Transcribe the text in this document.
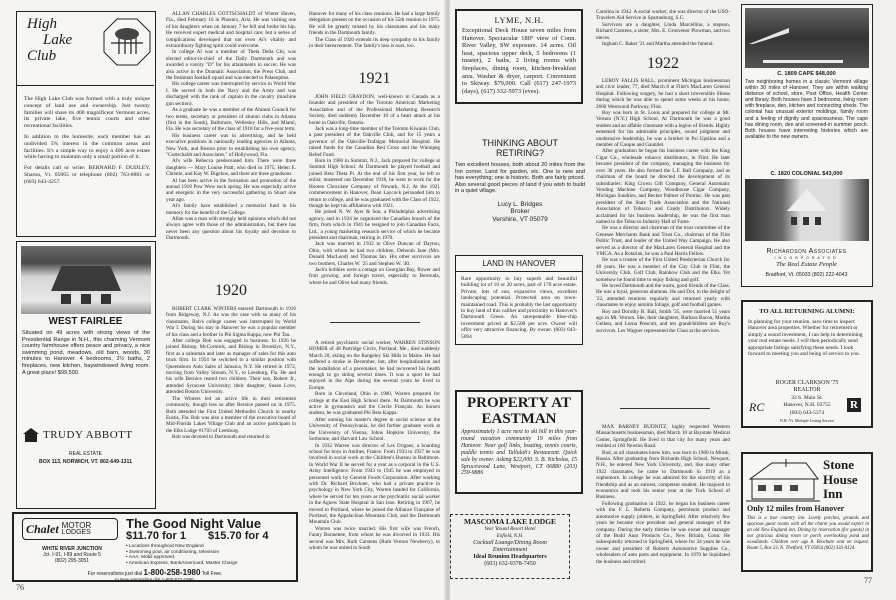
High
Lake
Club

The High Lake Club was formed with a truly unique concept of land use and ownership. Just twenty families will share its 400 magnificent Vermont acres, its private lake, five tennis courts and other recreational facilities.

In addition to the homesite, each member has an undivided 5% interest in the common areas and facilities. It's a simple way to enjoy a 400 acre estate while having to maintain only a small portion of it.

For details call or write: BERNARD F. DUDLEY, Sharon, Vt. 05065 or telephone (802) 763-8801 or (603) 643-4257.

WEST FAIRLEE
Situated on 49 acres with strong views of the Presidential Range in N.H., this charming Vermont country farmhouse offers peace and privacy, a nice swimming pond, meadows, old barn, woods, 30 minutes to Hanover. 4 bedrooms, 2½ baths, 2 fireplaces, new kitchen, baywindowed living room. A great place! $99,500.
TRUDY ABBOTT
REAL ESTATE
BOX 113, NORWICH, VT. 802-649-1311
Chalet MOTOR
LODGES
The Good Night Value
$11.70 for 1 $15.70 for 4
WHITE RIVER JUNCTION
Jct. I-91, I-89 and Route 5
(802) 295-3051
• Locations throughout New England
• Swimming pool, air conditioning, television
• AAA, Mobil approved.
• American Express, BankAmericard, Master Charge
For reservations just dial 1-800-258-1980 Toll Free.
In New Hampshire dial 1-800-572-1880.

ALLAN CHARLES GOTTSCHALDT of Winter Haven, Fla., died February 16 in Phoenix, Ariz. He was visiting one of his daughters when on January 7 he fell and broke his hip. He received expert medical and hospital care; but a series of complications developed that not even Al's vitality and extraordinary fighting spirit could overcome.

In college Al was a member of Theta Delta Chi, was elected editor-in-chief of the Daily Dartmouth and was awarded a varsity "D" for his attainments in soccer. He was also active in the Dramatic Association, the Press Club, and the freshman football squad and was elected to Palaeopitus.

His college career was interrupted by service in World War I. He served in both the Navy and the Army and was discharged with the rank of captain in the cavalry (machine gun section).

As a graduate he was a member of the Alumni Council for two terms, secretary or president of alumni clubs in Atlanta (first in the South), Baltimore, Wellesley Hills, and Miami, Fla. He was secretary of the class of 1918 for a five-year term.

His business career was in advertising, and he held executive positions in nationally leading agencies in Atlanta, New York, and Boston prior to establishing his own agency, "Gottschaldt and Associates," of Hollywood, Fla.

Al's wife Rebecca predeceased him. There were three daughters — Mary Louise Pratt, who died in 1975, Helen E. Christie, and Kay W. Bigelow, and there are three grandsons.

Al has been active in the formation and promotion of the annual 1918 Pow Wow each spring. He was especially active and energetic in the very successful gathering in Stuart one year ago.

Al's family have established a memorial fund in his memory for the benefit of the College.

Allan was a man with strongly held opinions which did not always agree with those of the administration, but there has never been any question about his loyalty and devotion to Dartmouth.

1920

ROBERT CLARK WINTERS entered Dartmouth in 1916 from Ridgeway, N.J. As was the case with so many of his classmates, Bob's college career was interrupted by World War I. During his stay in Hanover he was a popular member of his class and a brother in Phi Sigma Kappa, now Phi Tau.

After college Bob was engaged in business. In 1926 he joined Bishop, McCormick, and Bishop in Brooklyn, N.Y., first as a salesman and later as manager of sales for this auto truck firm. In 1954 he switched to a similar position with Queensboro Auto Sales of Jamaica, N.Y. He retired in 1972, moving from Valley Stream, N.Y., to Leesburg, Fla. He and his wife Bernice reared two children. Their son, Robert Jr., attended Syracuse University; their daughter, Susan Love, attended Boston University.

The Winters led an active life in their retirement community, though less so after Bernice passed on in 1975. Both attended the First United Methodist Church in nearby Eustis, Fla. Bob was also a member of the executive board of Mid-Florida Lakes Village Club and an active participant in the Elks Lodge #1703 of Leesburg.

Bob was devoted to Dartmouth and returned to

Hanover for many of his class reunions. He had a large family delegation present on the occasion of his 55th reunion in 1975. He will be greatly missed by his classmates and his many friends in the Dartmouth family.

The Class of 1920 extends its deep sympathy to his family in their bereavement. The family's loss is ours, too.

1921

JOHN FIELD GRAYDON, well-known in Canada as a founder and president of the Toronto American Marketing Association and of the Professional Marketing Research Society, died suddenly December 10 of a heart attack at his home in Oakville, Ontario.

Jack was a long-time member of the Toronto Kiwanis Club, a past president of the Oakville Club, and for 15 years a governor of the Oakville-Trafalgar Memorial Hospital. He raised funds for the Canadian Red Cross and the Winnipeg Relief Fund.

Born in 1900 in Summit, N.J., Jack prepared for college at Summit High School. At Dartmouth he played football and joined Beta Theta Pi. At the end of his first year, he left to enlist; mustered out December 1918, he went to work for the Hooten Chocolate Company of Newark, N.J. At the 1921 commencement in Hanover, Dean Laycock persuaded him to return to college, and he was graduated with the Class of 1922, though he kept his affiliations with 1921.

He joined N. W. Ayer & Son, a Philadelphia advertising agency, and in 1934 he organized the Canadian branch of the firm, from which in 1941 he resigned to join Canadian Facts, Ltd., a young marketing research service of which he became president and chairman, retiring in 1970.

Jack was married in 1932 to Olive Duncan of Dayton, Ohio, with whom he had two children, Deborah Jane (Mrs. Donald MacLeod) and Thomas Ian. His other survivors are two brothers, Charles W. '25 and Stephen W. '40.

Jack's hobbies were a cottage on Georgian Bay, flower and fruit growing, and foreign travel, especially to Bermuda, where he and Olive had many friends.

A retired psychiatric social worker, WARREN STINSON HOMER of 48 Partridge Circle, Portland, Me., died suddenly March 20, skiing on the Rangeley Ski Hills in Maine. He had suffered a stroke in December, but, after hospitalization and the installation of a pacemaker, he had recovered his health enough to go skiing several times. It was a sport he had enjoyed in the Alps during the several years he lived in Europe.

Born in Cleveland, Ohio in 1900, Warren prepared for college at the East High School there. At Dartmouth he was active in gymnastics and the Cercle Français. An honors student, he was graduated Phi Beta Kappa.

After earning his master's degree in social science at the University of Pennsylvania, he did further graduate work at the University of Vienna, Johns Hopkins University, the Sorbonne, and Harvard Law School.

In 1932 Warren was director of Les Origans, a boarding school for boys in Antibes, France. From 1933 to 1937 he was involved in social work at the Children's Bureau in Baltimore. In World War II he served for a year as a corporal in the U.S. Army Intelligence. From 1943 to 1945 he was employed in personnel work by General Foods Corporation. After working with Dr. Richard Brickner, who had a private practice in psychology in New York City, Warren headed for California, where he served for ten years as the psychiatric social worker in the Agnew State Hospital in San Jose. Retiring in 1967, he moved to Portland, where he joined the Alliance Française of Portland, the Appalachian Mountain Club, and the Dartmouth Mountain Club.

Warren was twice married. His first wife was French, Fanny Bonnetete, from whom he was divorced in 1933. His second was Mrs. Ruth Carstens (Ruth Vernon Newberry), to whom he was united in South

76
LYME, N.H.
Exceptional Deck House seven miles from Hanover. Spectacular 180° view of Conn. River Valley, SW exposure. 14 acres. Oil heat, spacious upper deck, 5 bedrooms (1 master), 2 baths, 2 living rooms with fireplaces, dining room, kitchen-breakfast area. Washer & dryer, carport. Convenient to Skiway. $79,000. Call (617) 247-1973 (days), (617) 332-5973 (eves).
THINKING ABOUT RETIRING?
Two excellent houses, both about 20 miles from the Inn corner. Land for garden, etc. One is new and has everything; one is historic. Both are fairly priced. Also several good pieces of land if you wish to build in a quiet village.
Lucy L. Bridges
Broker
Vershire, VT 05079
LAND IN HANOVER
Rare opportunity to buy superb and beautiful building lot of 10 or 20 acres, part of 170 acre estate. Private, lots of sun, expansive views, excellent landscaping potential. Protected area on town-maintained road. This is probably the last opportunity to buy land of this caliber and proximity to Hanover's Dartmouth Green. An unrepeatable blue-chip investment priced at $2,500 per acre. Owner will offer very attractive financing. By owner. (603) 643-5694
PROPERTY AT
EASTMAN
Approximately 1 acre next to ski hill in this year-round vacation community 19 miles from Hanover. Near golf links, boating, tennis courts, paddle tennis and Tallulah's Restaurant. Quick sale by owner. Asking $22,000. S. B. Nicholas, 15 Sprucewood Lane, Westport, CT 06880 (203) 259-9886
MASCOMA LAKE LODGE
Year 'Round Resort Hotel
Enfield, N.H.
Cocktail Lounge/Dining Room
Entertainment
Ideal Reunion Headquarters
(603) 632-9378-7450

Carolina in 1942. A social worker, she was director of the USO-Travelers Aid Service in Spartanburg, S.C.

Survivors are a daughter, Linda Marcellino, a stepson, Richard Carstens, a sister, Mrs. E. Grosvenor Plowman, and two nieces.

Ingham C. Baker '21 and Martha attended the funeral.

1922

LEROY FALLIS BALL, prominent Michigan businessman and civic leader, 77, died March 8 at Flint's MacLaren General Hospital. Following surgery, he had a short irreversible illness during which he was able to spend some weeks at his home, 2660 Westwood Parkway, Flint.

Roy was born in St. Louis and prepared for college at Mt. Vernon (N.Y.) High School. At Dartmouth he was a good student and an affable classmate with a legion of friends. Highly esteemed for his admirable principles, sound judgment and unobtrusive leadership, he was a brother in Psi Upsilon and a member of Casque and Gauntlet.

After graduation he began his business career with the King Cigar Co., wholesale tobacco distributors, in Flint. He later became president of the company, managing the business for over 30 years. He also formed the L.F. Ball Company, and as chairman of the board he directed the development of its subsidiaries: King Crown Gift Company, General Automatic Vending Machine Company, Woodhouse Cigar Company, Michigan Sundries, and Becker Palmer of Pontiac. He was past president of the State Trade Association and the National Association of Tobacco and Candy Distributors. Widely acclaimed for his business leadership, he was the first man named to the Tobacco Industry Hall of Fame.

He was a director and chairman of the trust committee of the Genesee Merchants Bank and Trust Co., chairman of the Flint Public Trust, and leader of the United Way Campaign. He also served as a director of the MacLaren General Hospital and the YMCA. As a Rotarian, he was a Paul Harris Fellow.

He was a trustee of the First United Presbyterian Church for 40 years. He was a member of the City Club in Flint, the University Club, Golf Club, Rainbow Club and the Elks. Yet somehow he found time to enjoy fishing and golf.

He loved Dartmouth and the warm, good friends of the Class. He was a loyal, generous alumnus. He and Dot, to the delight of '22, attended reunions regularly and returned yearly with classmates to enjoy autumn foliage, golf and football games.

Roy and Dorothy B. Ball, Smith '25, were married 51 years ago in Mt. Vernon. She, their daughters, Barbara Bacon, Martha Geiken, and Lorna Prescott, and ten grandchildren are Roy's survivors. Les Wagner represented the Class at the services.

MAX BARNEY BUDNITZ, highly respected Western Massachusetts businessman, died March 10 at Baystate Medical Center, Springfield. He lived in that city for many years and resided at 160 Newton Road.

Bud, as all classmates knew him, was born in 1900 in Minsk, Russia. After graduating from Richards High School, Newport, N.H., he entered New York University, and, like many other 1922 classmates, he came to Dartmouth in 1919 as a sophomore. In college he was admired for the sincerity of his friendship and as an earnest, competent student. He majored in economics and took his senior year at the Tuck School of Business.

Following graduation in 1922, he began his business career with the F. L. Roberts Company, petroleum product and automotive supply jobbers, in Springfield. After relatively few years he became vice president and general manager of the company. During the early thirties he was owner and manager of the Budd Auto Products Co., New Britain, Conn. He subsequently returned to Springfield, where for 34 years he was owner and president of Roberts Automotive Supplies Co., wholesalers of auto parts and equipment. In 1970 he liquidated the business and retired.

C. 1809 CAPE $48,000
Two neighboring homes in a classic Vermont village within 30 miles of Hanover. They are within walking distance of school, store, Post Office, Health Center and library. Both houses have 3 bedrooms, living room with fireplace, den, kitchen and connecting sheds. The colonial has unusual exterior moldings, family room and a feeling of dignity and spaciousness. The cape has dining room, den and screened-in summer porch. Both houses have interesting histories which are available to the new owners.
C. 1820 COLONIAL $43,000
Richardson Associates
INCORPORATED
The Real Estate People
Bradford, Vt. 05033 (802) 222-4043
TO ALL RETURNING ALUMNI:
In planning for your reunion, save time to inspect Hanover area properties. Whether for retirement or simply a sound investment, I can help in determining your real estate needs. I will then periodically send appropriate listings satisfying these needs. I look forward to meeting you and being of service to you.
ROGER CLARKSON '75
REALTOR
33 S. Main St.
Hanover, N.H. 03755
(603) 643-5374
N.H.-Vt. Multiple Listing Service
RC	R
Stone
House
Inn
Only 12 miles from Hanover
This is a true country inn. Lovely porches, grounds and spacious guest rooms with all the charm you would expect in an old New England inn. Dining by reservation (for guests) in our gracious dining room or porch overlooking pond and woodlands. Children over age 8. Brochure sent on request. Route 5, Box 23, N. Thetford, VT 05054 (802) 333-9124.
77
